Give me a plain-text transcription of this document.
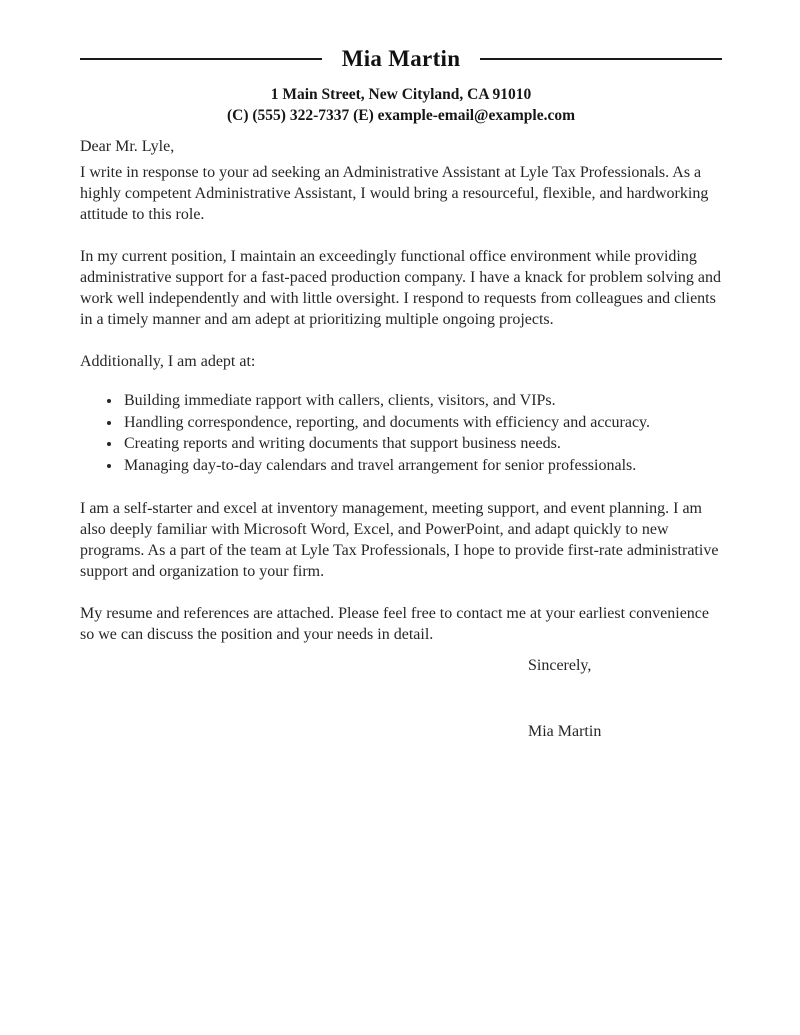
Mia Martin
1 Main Street, New Cityland, CA 91010
(C) (555) 322-7337 (E) example-email@example.com

Dear Mr. Lyle,

I write in response to your ad seeking an Administrative Assistant at Lyle Tax Professionals. As a highly competent Administrative Assistant, I would bring a resourceful, flexible, and hardworking attitude to this role.

In my current position, I maintain an exceedingly functional office environment while providing administrative support for a fast-paced production company. I have a knack for problem solving and work well independently and with little oversight. I respond to requests from colleagues and clients in a timely manner and am adept at prioritizing multiple ongoing projects.

Additionally, I am adept at:

• Building immediate rapport with callers, clients, visitors, and VIPs.
• Handling correspondence, reporting, and documents with efficiency and accuracy.
• Creating reports and writing documents that support business needs.
• Managing day-to-day calendars and travel arrangement for senior professionals.

I am a self-starter and excel at inventory management, meeting support, and event planning. I am also deeply familiar with Microsoft Word, Excel, and PowerPoint, and adapt quickly to new programs. As a part of the team at Lyle Tax Professionals, I hope to provide first-rate administrative support and organization to your firm.

My resume and references are attached. Please feel free to contact me at your earliest convenience so we can discuss the position and your needs in detail.

Sincerely,

Mia Martin
